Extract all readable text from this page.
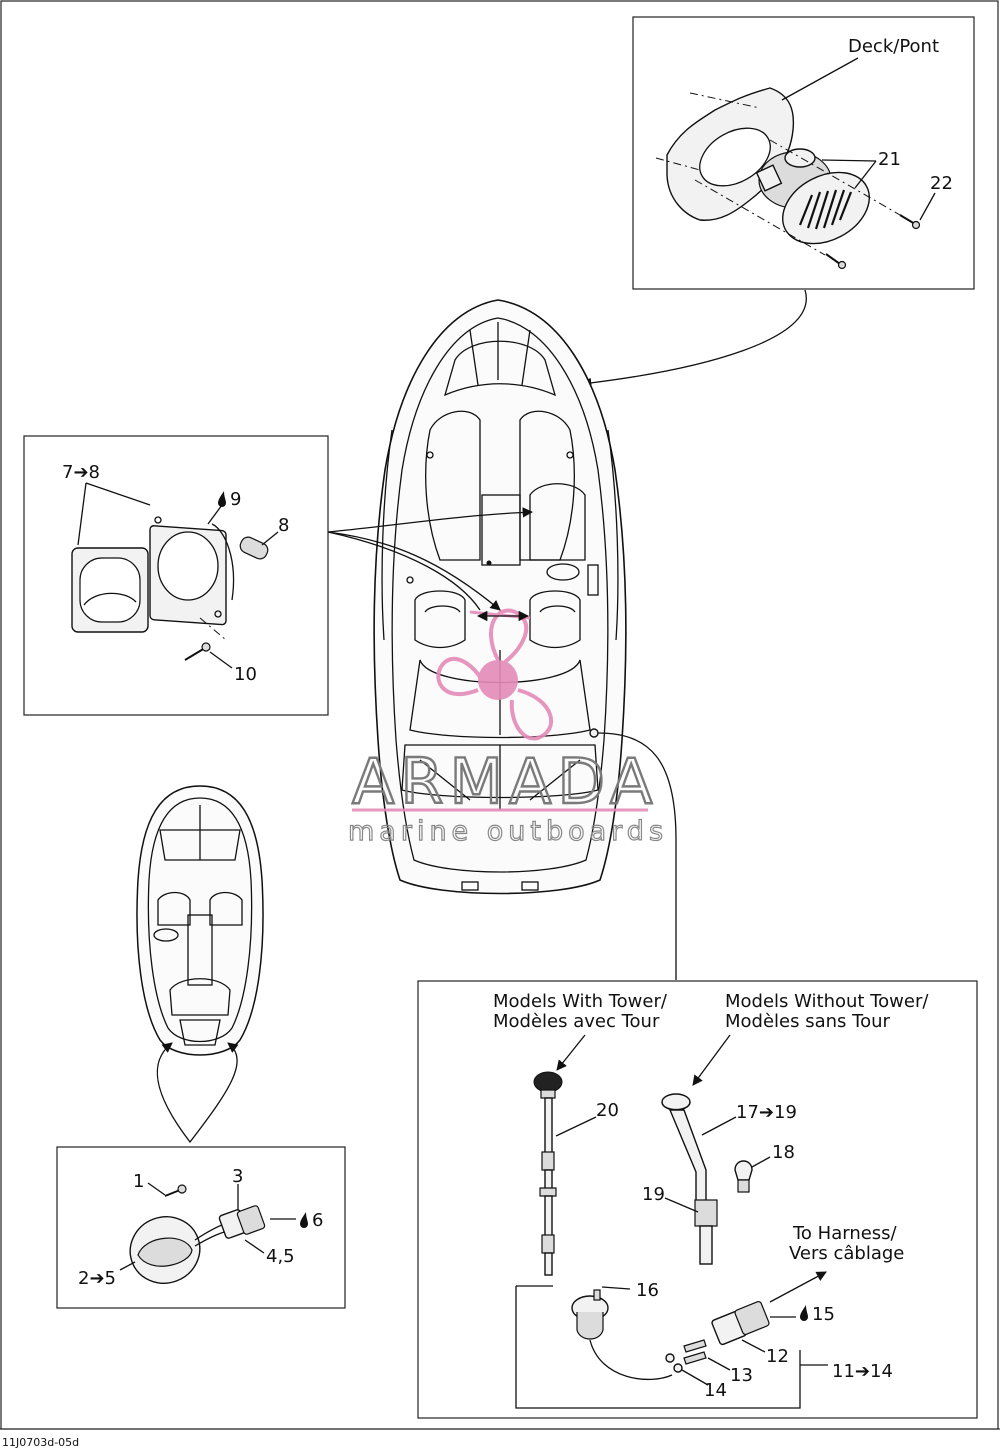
Deck/Pont
21
22
ARMADA
marine outboards
7➔8
9
8
10
1	3
6
4,5
2➔5
Models With Tower/
Modèles avec Tour
Models Without Tower/
Modèles sans Tour
20	17➔19
19
18
To Harness/
Vers câblage
16
15
12
13
14
11➔14
11J0703d-05d
